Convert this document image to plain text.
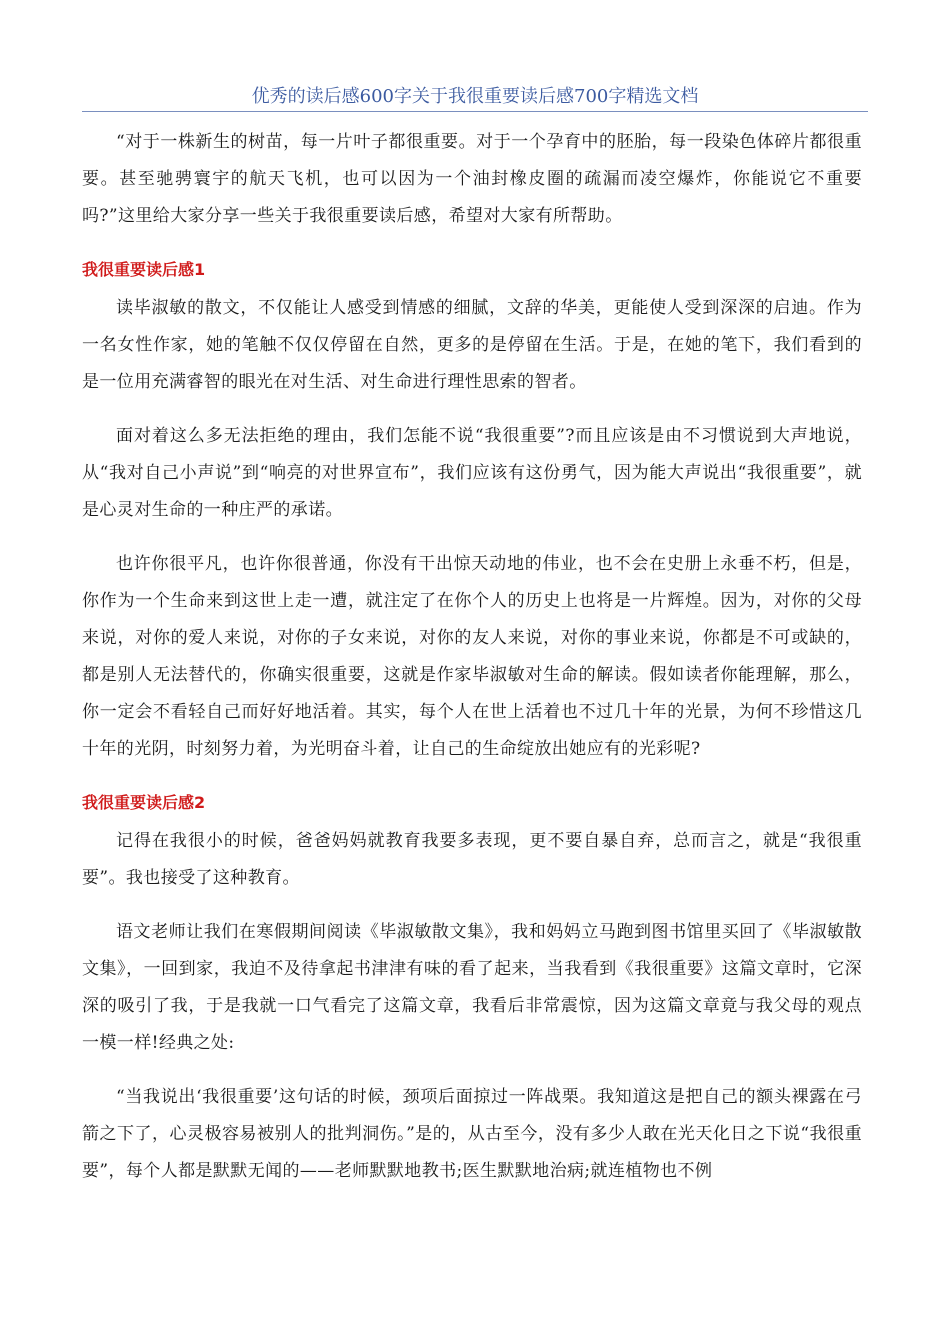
优秀的读后感600字关于我很重要读后感700字精选文档

“对于一株新生的树苗，每一片叶子都很重要。对于一个孕育中的胚胎，每一段染色体碎片都很重要。甚至驰骋寰宇的航天飞机，也可以因为一个油封橡皮圈的疏漏而凌空爆炸，你能说它不重要吗?”这里给大家分享一些关于我很重要读后感，希望对大家有所帮助。

我很重要读后感1

读毕淑敏的散文，不仅能让人感受到情感的细腻，文辞的华美，更能使人受到深深的启迪。作为一名女性作家，她的笔触不仅仅停留在自然，更多的是停留在生活。于是，在她的笔下，我们看到的是一位用充满睿智的眼光在对生活、对生命进行理性思索的智者。

面对着这么多无法拒绝的理由，我们怎能不说“我很重要”?而且应该是由不习惯说到大声地说，从“我对自己小声说”到“响亮的对世界宣布”，我们应该有这份勇气，因为能大声说出“我很重要”，就是心灵对生命的一种庄严的承诺。

也许你很平凡，也许你很普通，你没有干出惊天动地的伟业，也不会在史册上永垂不朽，但是，你作为一个生命来到这世上走一遭，就注定了在你个人的历史上也将是一片辉煌。因为，对你的父母来说，对你的爱人来说，对你的子女来说，对你的友人来说，对你的事业来说，你都是不可或缺的，都是别人无法替代的，你确实很重要，这就是作家毕淑敏对生命的解读。假如读者你能理解，那么，你一定会不看轻自己而好好地活着。其实，每个人在世上活着也不过几十年的光景，为何不珍惜这几十年的光阴，时刻努力着，为光明奋斗着，让自己的生命绽放出她应有的光彩呢?

我很重要读后感2

记得在我很小的时候，爸爸妈妈就教育我要多表现，更不要自暴自弃，总而言之，就是“我很重要”。我也接受了这种教育。

语文老师让我们在寒假期间阅读《毕淑敏散文集》，我和妈妈立马跑到图书馆里买回了《毕淑敏散文集》，一回到家，我迫不及待拿起书津津有味的看了起来，当我看到《我很重要》这篇文章时，它深深的吸引了我，于是我就一口气看完了这篇文章，我看后非常震惊，因为这篇文章竟与我父母的观点一模一样!经典之处:

“当我说出‘我很重要’这句话的时候，颈项后面掠过一阵战栗。我知道这是把自己的额头裸露在弓箭之下了，心灵极容易被别人的批判洞伤。”是的，从古至今，没有多少人敢在光天化日之下说“我很重要”，每个人都是默默无闻的——老师默默地教书;医生默默地治病;就连植物也不例
